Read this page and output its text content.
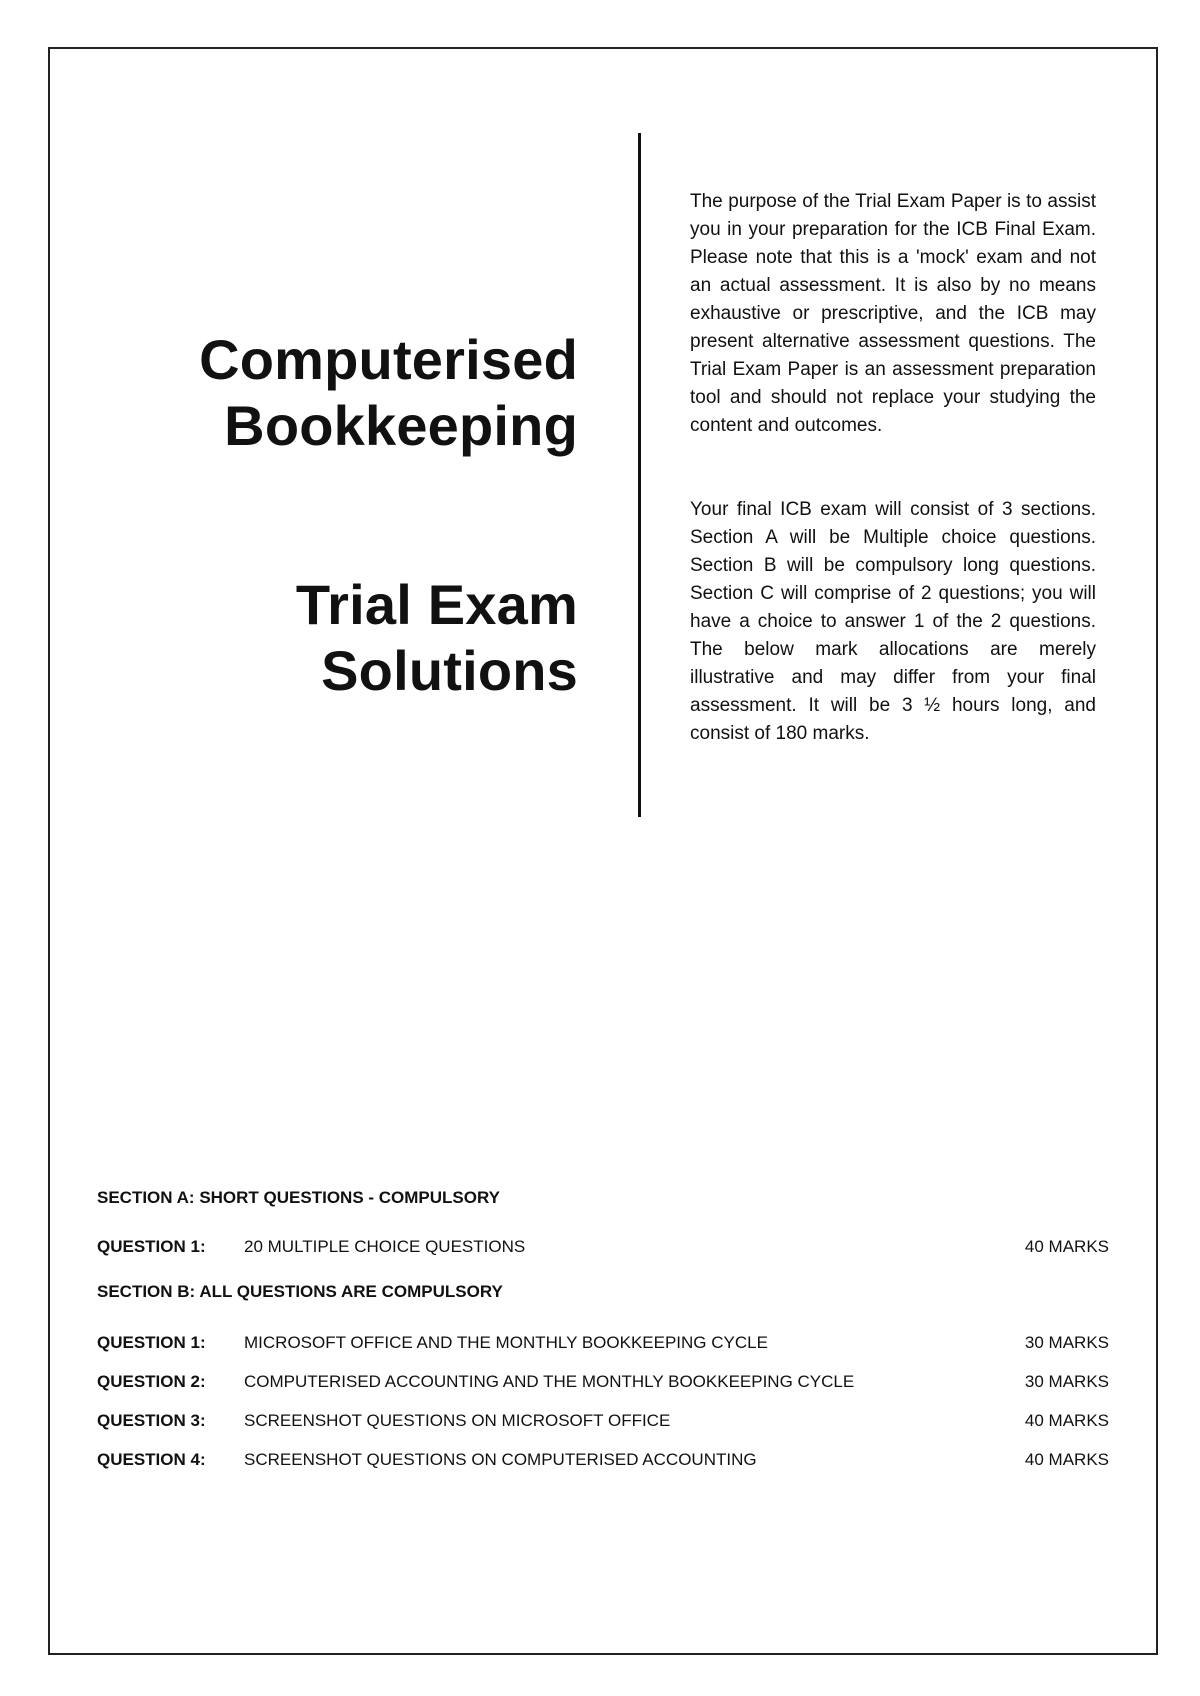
Computerised
Bookkeeping
Trial Exam
Solutions
The purpose of the Trial Exam Paper is to assist you in your preparation for the ICB Final Exam. Please note that this is a 'mock' exam and not an actual assessment. It is also by no means exhaustive or prescriptive, and the ICB may present alternative assessment questions. The Trial Exam Paper is an assessment preparation tool and should not replace your studying the content and outcomes.
Your final ICB exam will consist of 3 sections. Section A will be Multiple choice questions. Section B will be compulsory long questions. Section C will comprise of 2 questions; you will have a choice to answer 1 of the 2 questions. The below mark allocations are merely illustrative and may differ from your final assessment. It will be 3 ½ hours long, and consist of 180 marks.
SECTION A: SHORT QUESTIONS - COMPULSORY
QUESTION 1: 20 MULTIPLE CHOICE QUESTIONS	40 MARKS
SECTION B: ALL QUESTIONS ARE COMPULSORY
QUESTION 1: MICROSOFT OFFICE AND THE MONTHLY BOOKKEEPING CYCLE	30 MARKS
QUESTION 2: COMPUTERISED ACCOUNTING AND THE MONTHLY BOOKKEEPING CYCLE	30 MARKS
QUESTION 3: SCREENSHOT QUESTIONS ON MICROSOFT OFFICE	40 MARKS
QUESTION 4: SCREENSHOT QUESTIONS ON COMPUTERISED ACCOUNTING	40 MARKS
